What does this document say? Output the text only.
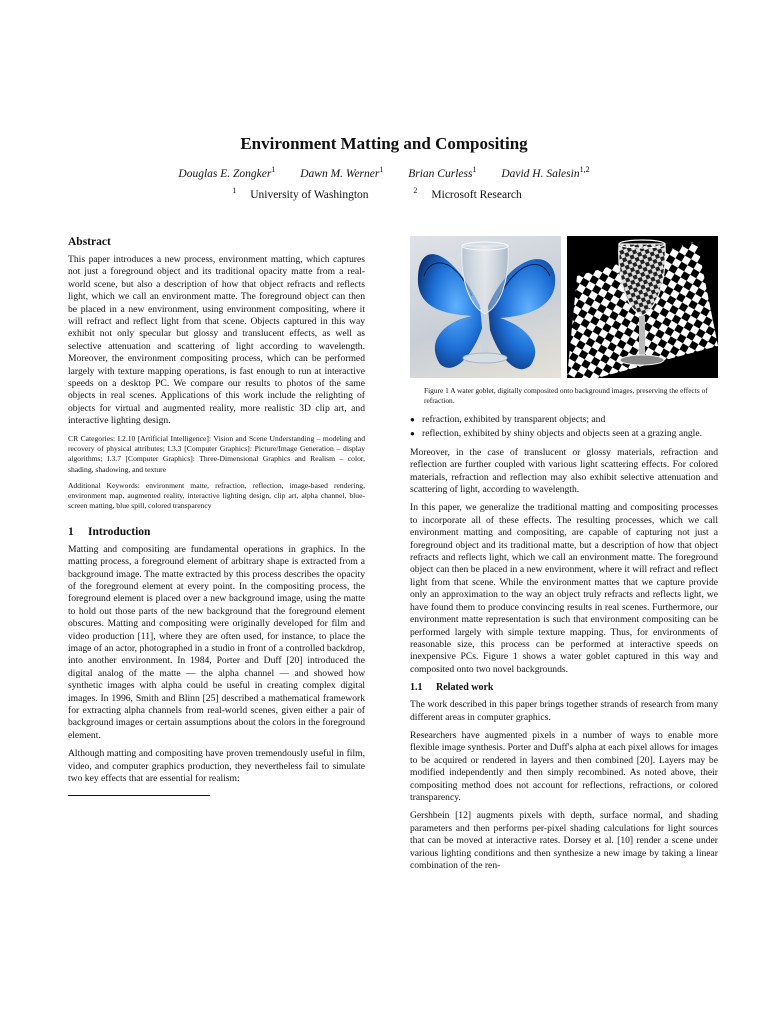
Environment Matting and Compositing
Douglas E. Zongker$^1$ Dawn M. Werner$^1$ Brian Curless$^1$ David H. Salesin$^{1,2}$
$^1$ University of Washington	$^2$ Microsoft Research
Abstract

This paper introduces a new process, environment matting, which captures not just a foreground object and its traditional opacity matte from a real-world scene, but also a description of how that object refracts and reflects light, which we call an environment matte. The foreground object can then be placed in a new environment, using environment compositing, where it will refract and reflect light from that scene. Objects captured in this way exhibit not only specular but glossy and translucent effects, as well as selective attenuation and scattering of light according to wavelength. Moreover, the environment compositing process, which can be performed largely with texture mapping operations, is fast enough to run at interactive speeds on a desktop PC. We compare our results to photos of the same objects in real scenes. Applications of this work include the relighting of objects for virtual and augmented reality, more realistic 3D clip art, and interactive lighting design.

CR Categories: I.2.10 [Artificial Intelligence]: Vision and Scene Understanding – modeling and recovery of physical attributes; I.3.3 [Computer Graphics]: Picture/Image Generation – display algorithms; I.3.7 [Computer Graphics]: Three-Dimensional Graphics and Realism – color, shading, shadowing, and texture

Additional Keywords: environment matte, refraction, reflection, image-based rendering, environment map, augmented reality, interactive lighting design, clip art, alpha channel, blue-screen matting, blue spill, colored transparency

1 Introduction

Matting and compositing are fundamental operations in graphics. In the matting process, a foreground element of arbitrary shape is extracted from a background image. The matte extracted by this process describes the opacity of the foreground element at every point. In the compositing process, the foreground element is placed over a new background image, using the matte to hold out those parts of the new background that the foreground element obscures. Matting and compositing were originally developed for film and video production [11], where they are often used, for instance, to place the image of an actor, photographed in a studio in front of a controlled backdrop, into another environment. In 1984, Porter and Duff [20] introduced the digital analog of the matte — the alpha channel — and showed how synthetic images with alpha could be useful in creating complex digital images. In 1996, Smith and Blinn [25] described a mathematical framework for extracting alpha channels from real-world scenes, given either a pair of background images or certain assumptions about the colors in the foreground element.

Although matting and compositing have proven tremendously useful in film, video, and computer graphics production, they nevertheless fail to simulate two key effects that are essential for realism:

Figure 1 A water goblet, digitally composited onto background images, preserving the effects of refraction.
● refraction, exhibited by transparent objects; and
● reflection, exhibited by shiny objects and objects seen at a grazing angle.

Moreover, in the case of translucent or glossy materials, refraction and reflection are further coupled with various light scattering effects. For colored materials, refraction and reflection may also exhibit selective attenuation and scattering of light, according to wavelength.

In this paper, we generalize the traditional matting and compositing processes to incorporate all of these effects. The resulting processes, which we call environment matting and compositing, are capable of capturing not just a foreground object and its traditional matte, but a description of how that object refracts and reflects light, which we call an environment matte. The foreground object can then be placed in a new environment, where it will refract and reflect light from that scene. While the environment mattes that we capture provide only an approximation to the way an object truly refracts and reflects light, we have found them to produce convincing results in real scenes. Furthermore, our environment matte representation is such that environment compositing can be performed largely with simple texture mapping. Thus, for environments of reasonable size, this process can be performed at interactive speeds on inexpensive PCs. Figure 1 shows a water goblet captured in this way and composited onto two novel backgrounds.

1.1 Related work

The work described in this paper brings together strands of research from many different areas in computer graphics.

Researchers have augmented pixels in a number of ways to enable more flexible image synthesis. Porter and Duff's alpha at each pixel allows for images to be acquired or rendered in layers and then combined [20]. Layers may be modified independently and then simply recombined. As noted above, their compositing method does not account for reflections, refractions, or colored transparency.

Gershbein [12] augments pixels with depth, surface normal, and shading parameters and then performs per-pixel shading calculations for light sources that can be moved at interactive rates. Dorsey et al. [10] render a scene under various lighting conditions and then synthesize a new image by taking a linear combination of the ren-
